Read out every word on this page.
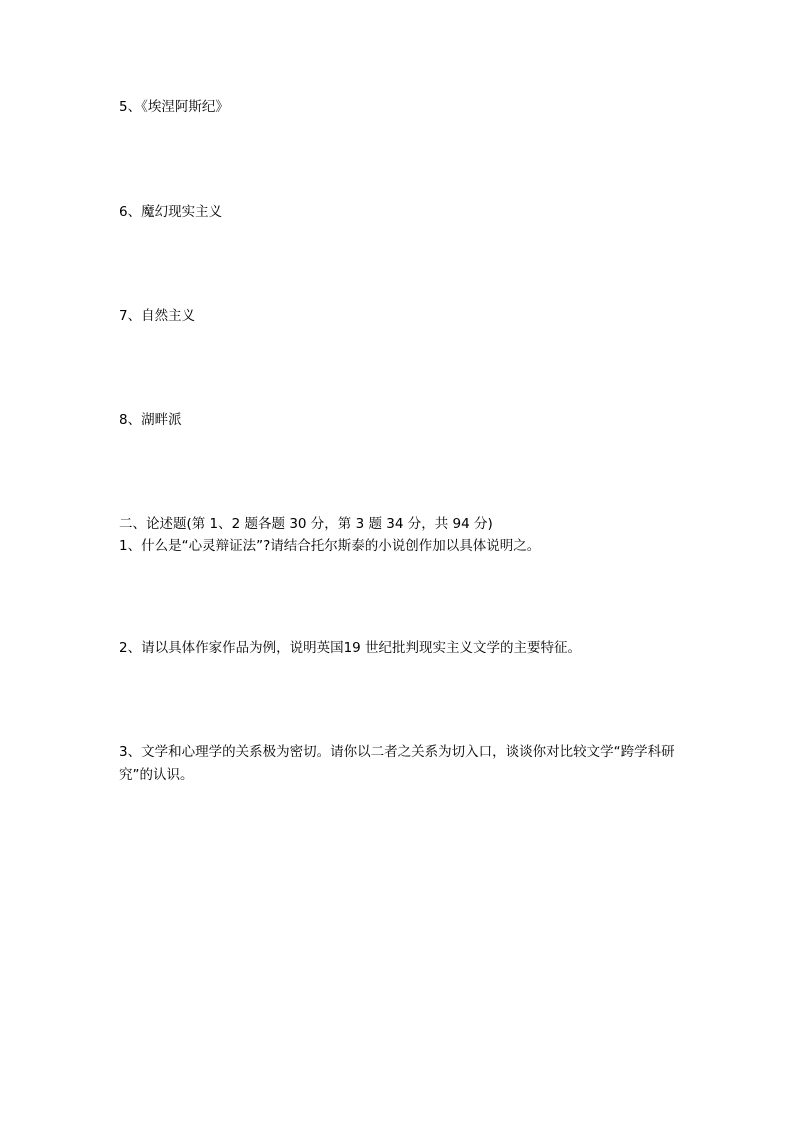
5、《埃涅阿斯纪》
6、魔幻现实主义
7、自然主义
8、湖畔派
二、论述题(第 1、2 题各题 30 分，第 3 题 34 分，共 94 分)
1、什么是“心灵辩证法”?请结合托尔斯泰的小说创作加以具体说明之。
2、请以具体作家作品为例，说明英国19 世纪批判现实主义文学的主要特征。
3、文学和心理学的关系极为密切。请你以二者之关系为切入口，谈谈你对比较文学“跨学科研究”的认识。
